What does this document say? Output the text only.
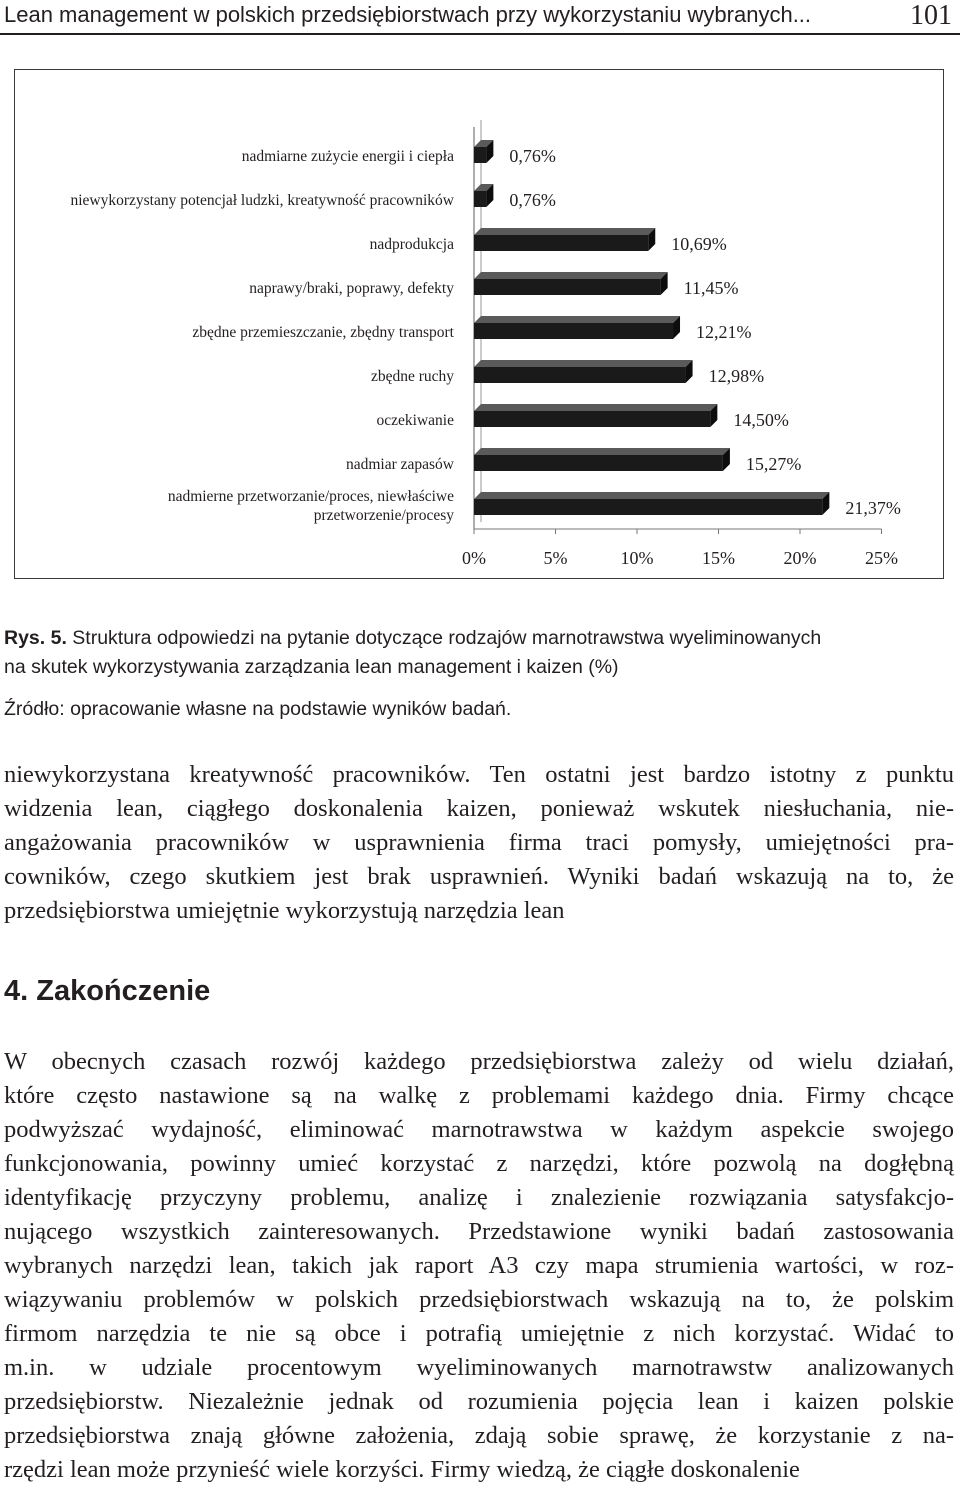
Lean management w polskich przedsiębiorstwach przy wykorzystaniu wybranych...	101
0,76%
nadmiarne zużycie energii i ciepła
0,76%
niewykorzystany potencjał ludzki, kreatywność pracowników
10,69%
nadprodukcja
11,45%
naprawy/braki, poprawy, defekty
12,21%
zbędne przemieszczanie, zbędny transport
12,98%
zbędne ruchy
14,50%
oczekiwanie
15,27%
nadmiar zapasów
21,37%
nadmierne przetworzanie/proces, niewłaściwe
przetworzenie/procesy
0%	5%	10%	15%	20%	25%
Rys. 5. Struktura odpowiedzi na pytanie dotyczące rodzajów marnotrawstwa wyeliminowanych
na skutek wykorzystywania zarządzania lean management i kaizen (%)
Źródło: opracowanie własne na podstawie wyników badań.
niewykorzystana kreatywność pracowników. Ten ostatni jest bardzo istotny z punktu
widzenia lean, ciągłego doskonalenia kaizen, ponieważ wskutek niesłuchania, nie-
angażowania pracowników w usprawnienia firma traci pomysły, umiejętności pra-
cowników, czego skutkiem jest brak usprawnień. Wyniki badań wskazują na to, że
przedsiębiorstwa umiejętnie wykorzystują narzędzia lean
4. Zakończenie
W obecnych czasach rozwój każdego przedsiębiorstwa zależy od wielu działań,
które często nastawione są na walkę z problemami każdego dnia. Firmy chcące
podwyższać wydajność, eliminować marnotrawstwa w każdym aspekcie swojego
funkcjonowania, powinny umieć korzystać z narzędzi, które pozwolą na dogłębną
identyfikację przyczyny problemu, analizę i znalezienie rozwiązania satysfakcjo-
nującego wszystkich zainteresowanych. Przedstawione wyniki badań zastosowania
wybranych narzędzi lean, takich jak raport A3 czy mapa strumienia wartości, w roz-
wiązywaniu problemów w polskich przedsiębiorstwach wskazują na to, że polskim
firmom narzędzia te nie są obce i potrafią umiejętnie z nich korzystać. Widać to
m.in. w udziale procentowym wyeliminowanych marnotrawstw analizowanych
przedsiębiorstw. Niezależnie jednak od rozumienia pojęcia lean i kaizen polskie
przedsiębiorstwa znają główne założenia, zdają sobie sprawę, że korzystanie z na-
rzędzi lean może przynieść wiele korzyści. Firmy wiedzą, że ciągłe doskonalenie
